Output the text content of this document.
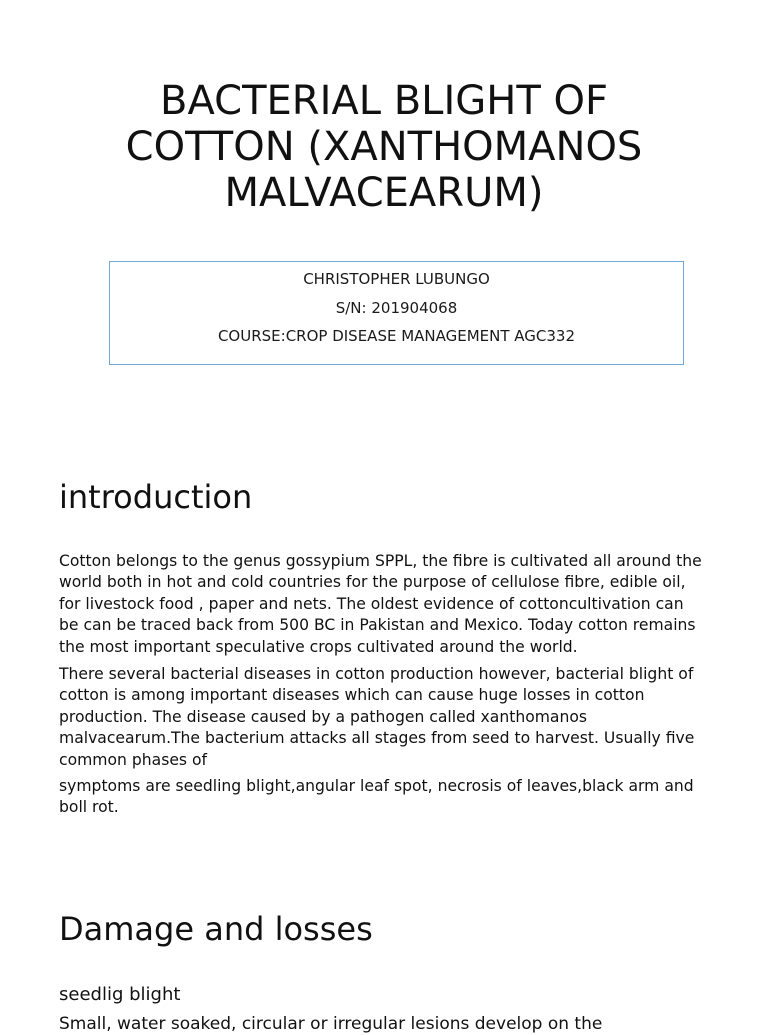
BACTERIAL BLIGHT OF
COTTON (XANTHOMANOS
MALVACEARUM)
CHRISTOPHER LUBUNGO
S/N: 201904068
COURSE:CROP DISEASE MANAGEMENT AGC332
introduction

Cotton belongs to the genus gossypium SPPL, the fibre is cultivated all around the
world both in hot and cold countries for the purpose of cellulose fibre, edible oil,
for livestock food , paper and nets. The oldest evidence of cottoncultivation can
be can be traced back from 500 BC in Pakistan and Mexico. Today cotton remains
the most important speculative crops cultivated around the world.

There several bacterial diseases in cotton production however, bacterial blight of
cotton is among important diseases which can cause huge losses in cotton
production. The disease caused by a pathogen called xanthomanos
malvacearum.The bacterium attacks all stages from seed to harvest. Usually five
common phases of

symptoms are seedling blight,angular leaf spot, necrosis of leaves,black arm and
boll rot.

Damage and losses
seedlig blight

Small, water soaked, circular or irregular lesions develop on the
